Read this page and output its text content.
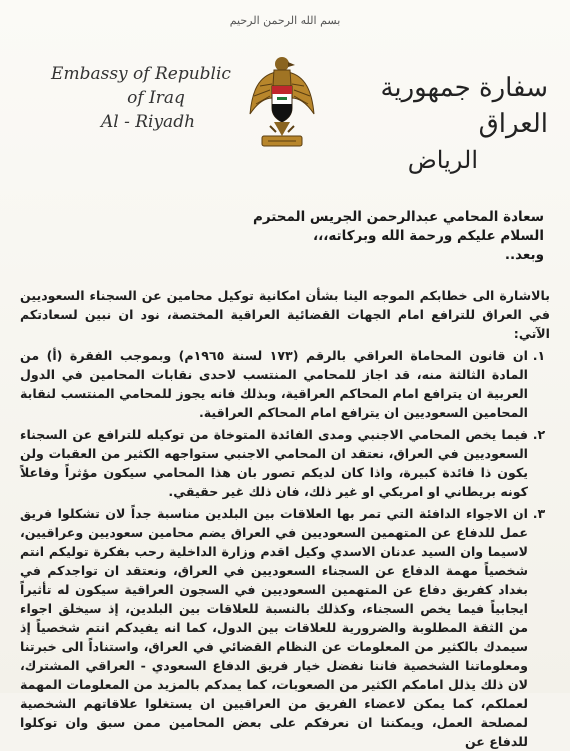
بسم الله الرحمن الرحيم
Embassy of Republic
of Iraq
Al - Riyadh
سفارة جمهورية العراق
الرياض
سعادة المحامي عبدالرحمن الجريس المحترم
السلام عليكم ورحمة الله وبركاته،،،
وبعد..
بالاشارة الى خطابكم الموجه الينا بشأن امكانية توكيل محامين عن السجناء السعوديين في العراق للترافع امام الجهات القضائية العراقية المختصة، نود ان نبين لسعادتكم الآتي:
١.
ان قانون المحاماة العراقي بالرقم (١٧٣ لسنة ١٩٦٥م) وبموجب الفقرة (أ) من المادة الثالثة منه، قد اجاز للمحامي المنتسب لاحدى نقابات المحامين في الدول العربية ان يترافع امام المحاكم العراقية، وبذلك فانه يجوز للمحامي المنتسب لنقابة المحامين السعوديين ان يترافع امام المحاكم العراقية.
٢.
فيما يخص المحامي الاجنبي ومدى الفائدة المتوخاة من توكيله للترافع عن السجناء السعوديين في العراق، نعتقد ان المحامي الاجنبي ستواجهه الكثير من العقبات ولن يكون ذا فائدة كبيرة، واذا كان لديكم تصور بان هذا المحامي سيكون مؤثراً وفاعلاً كونه بريطاني او امريكي او غير ذلك، فان ذلك غير حقيقي.
٣.
ان الاجواء الدافئة التي تمر بها العلاقات بين البلدين مناسبة جداً لان تشكلوا فريق عمل للدفاع عن المتهمين السعوديين في العراق يضم محامين سعوديين وعراقيين، لاسيما وان السيد عدنان الاسدي وكيل اقدم وزارة الداخلية رحب بفكرة توليكم انتم شخصياً مهمة الدفاع عن السجناء السعوديين في العراق، ونعتقد ان تواجدكم في بغداد كفريق دفاع عن المتهمين السعوديين في السجون العراقية سيكون له تأثيراً ايجابياً فيما يخص السجناء، وكذلك بالنسبة للعلاقات بين البلدين، إذ سيخلق اجواء من الثقة المطلوبة والضرورية للعلاقات بين الدول، كما انه يفيدكم انتم شخصياً إذ سيمدك بالكثير من المعلومات عن النظام القضائي في العراق، واستناداً الى خبرتنا ومعلوماتنا الشخصية فاننا نفضل خيار فريق الدفاع السعودي - العراقي المشترك، لان ذلك يذلل امامكم الكثير من الصعوبات، كما يمدكم بالمزيد من المعلومات المهمة لعملكم، كما يمكن لاعضاء الفريق من العراقيين ان يستغلوا علاقاتهم الشخصية لمصلحة العمل، ويمكننا ان نعرفكم على بعض المحامين ممن سبق وان توكلوا للدفاع عن
